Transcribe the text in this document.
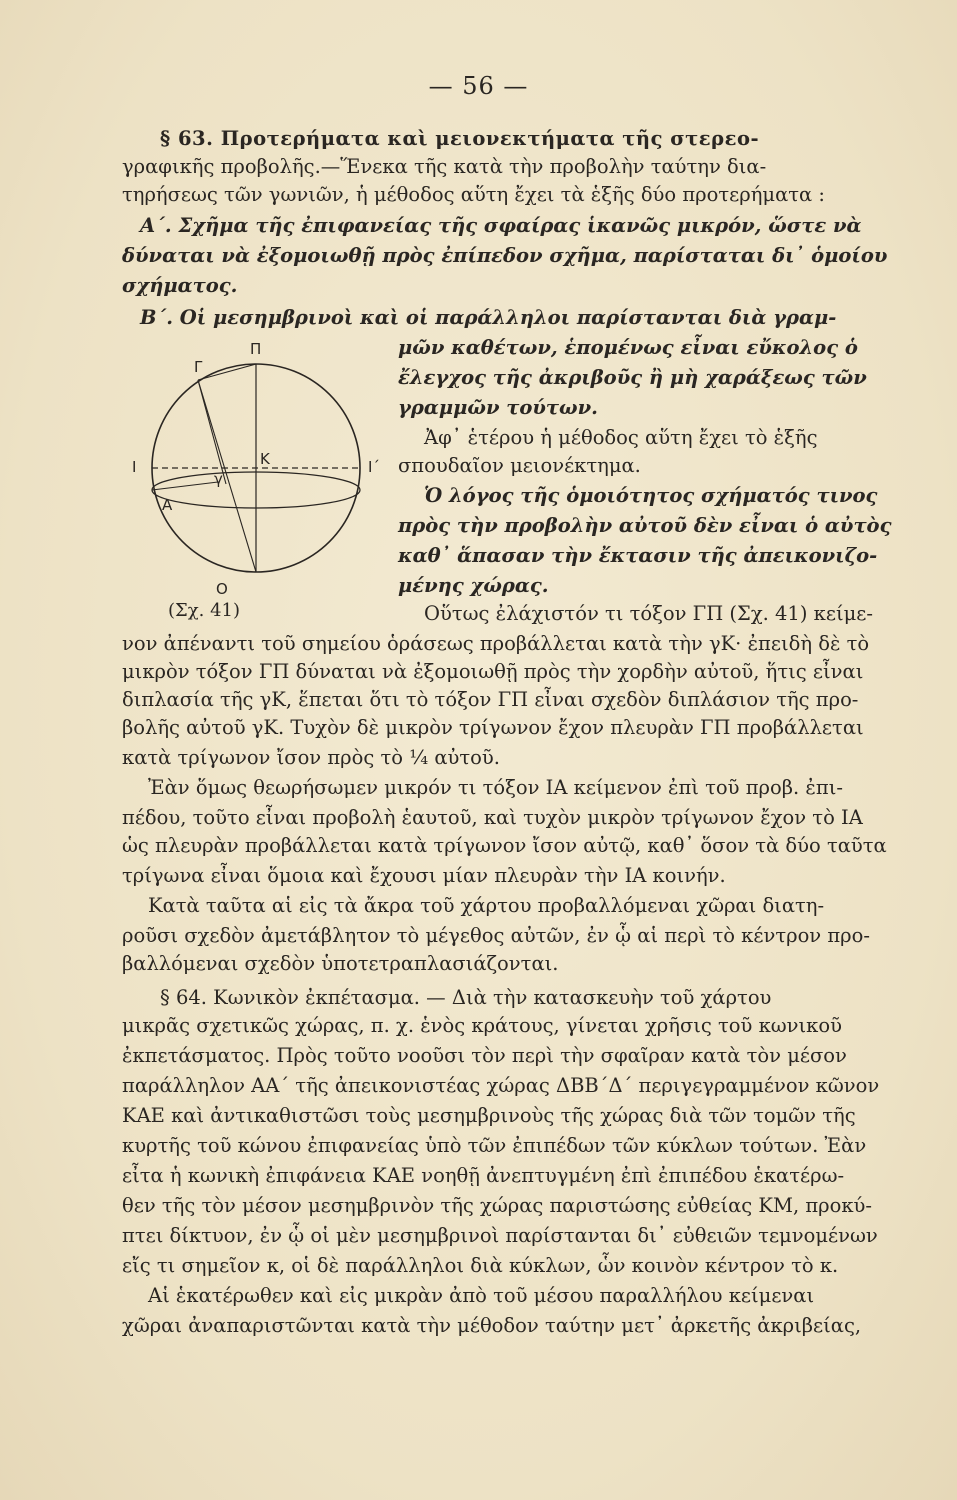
— 56 —
§ 63. Προτερήματα καὶ μειονεκτήματα τῆς στερεο-
γραφικῆς προβολῆς.—Ἕνεκα τῆς κατὰ τὴν προβολὴν ταύτην δια-
τηρήσεως τῶν γωνιῶν, ἡ μέθοδος αὕτη ἔχει τὰ ἑξῆς δύο προτερήματα :
Α΄. Σχῆμα τῆς ἐπιφανείας τῆς σφαίρας ἱκανῶς μικρόν, ὥστε νὰ
δύναται νὰ ἐξομοιωθῇ πρὸς ἐπίπεδον σχῆμα, παρίσταται δι᾽ ὁμοίου
σχήματος.
Β΄. Οἱ μεσημβρινοὶ καὶ οἱ παράλληλοι παρίστανται διὰ γραμ-
μῶν καθέτων, ἑπομένως εἶναι εὔκολος ὁ
ἔλεγχος τῆς ἀκριβοῦς ἢ μὴ χαράξεως τῶν
γραμμῶν τούτων.
Ἀφ᾽ ἑτέρου ἡ μέθοδος αὕτη ἔχει τὸ ἑξῆς
σπουδαῖον μειονέκτημα.
Ὁ λόγος τῆς ὁμοιότητος σχήματός τινος
πρὸς τὴν προβολὴν αὐτοῦ δὲν εἶναι ὁ αὐτὸς
καθ᾽ ἅπασαν τὴν ἔκτασιν τῆς ἀπεικονιζο-
μένης χώρας.
Οὕτως ἐλάχιστόν τι τόξον ΓΠ (Σχ. 41) κείμε-
νον ἀπέναντι τοῦ σημείου ὁράσεως προβάλλεται κατὰ τὴν γΚ· ἐπειδὴ δὲ τὸ
μικρὸν τόξον ΓΠ δύναται νὰ ἐξομοιωθῇ πρὸς τὴν χορδὴν αὐτοῦ, ἥτις εἶναι
διπλασία τῆς γΚ, ἕπεται ὅτι τὸ τόξον ΓΠ εἶναι σχεδὸν διπλάσιον τῆς προ-
βολῆς αὐτοῦ γΚ. Τυχὸν δὲ μικρὸν τρίγωνον ἔχον πλευρὰν ΓΠ προβάλλεται
κατὰ τρίγωνον ἴσον πρὸς τὸ ¼ αὐτοῦ.
Ἐὰν ὅμως θεωρήσωμεν μικρόν τι τόξον ΙΑ κείμενον ἐπὶ τοῦ προβ. ἐπι-
πέδου, τοῦτο εἶναι προβολὴ ἑαυτοῦ, καὶ τυχὸν μικρὸν τρίγωνον ἔχον τὸ ΙΑ
ὡς πλευρὰν προβάλλεται κατὰ τρίγωνον ἴσον αὐτῷ, καθ᾽ ὅσον τὰ δύο ταῦτα
τρίγωνα εἶναι ὅμοια καὶ ἔχουσι μίαν πλευρὰν τὴν ΙΑ κοινήν.
Κατὰ ταῦτα αἱ εἰς τὰ ἄκρα τοῦ χάρτου προβαλλόμεναι χῶραι διατη-
ροῦσι σχεδὸν ἀμετάβλητον τὸ μέγεθος αὐτῶν, ἐν ᾧ αἱ περὶ τὸ κέντρον προ-
βαλλόμεναι σχεδὸν ὑποτετραπλασιάζονται.
§ 64. Κωνικὸν ἐκπέτασμα. — Διὰ τὴν κατασκευὴν τοῦ χάρτου
μικρᾶς σχετικῶς χώρας, π. χ. ἑνὸς κράτους, γίνεται χρῆσις τοῦ κωνικοῦ
ἐκπετάσματος. Πρὸς τοῦτο νοοῦσι τὸν περὶ τὴν σφαῖραν κατὰ τὸν μέσον
παράλληλον ΑΑ΄ τῆς ἀπεικονιστέας χώρας ΔΒΒ΄Δ΄ περιγεγραμμένον κῶνον
ΚΑΕ καὶ ἀντικαθιστῶσι τοὺς μεσημβρινοὺς τῆς χώρας διὰ τῶν τομῶν τῆς
κυρτῆς τοῦ κώνου ἐπιφανείας ὑπὸ τῶν ἐπιπέδων τῶν κύκλων τούτων. Ἐὰν
εἶτα ἡ κωνικὴ ἐπιφάνεια ΚΑΕ νοηθῇ ἀνεπτυγμένη ἐπὶ ἐπιπέδου ἑκατέρω-
θεν τῆς τὸν μέσον μεσημβρινὸν τῆς χώρας παριστώσης εὐθείας ΚΜ, προκύ-
πτει δίκτυον, ἐν ᾧ οἱ μὲν μεσημβρινοὶ παρίστανται δι᾽ εὐθειῶν τεμνομένων
εἴς τι σημεῖον κ, οἱ δὲ παράλληλοι διὰ κύκλων, ὧν κοινὸν κέντρον τὸ κ.
Αἱ ἑκατέρωθεν καὶ εἰς μικρὰν ἀπὸ τοῦ μέσου παραλλήλου κείμεναι
χῶραι ἀναπαριστῶνται κατὰ τὴν μέθοδον ταύτην μετ᾽ ἀρκετῆς ἀκριβείας,
Π
Γ
Κ
Ι	Ι΄
Α
γ
Ο
(Σχ. 41)
